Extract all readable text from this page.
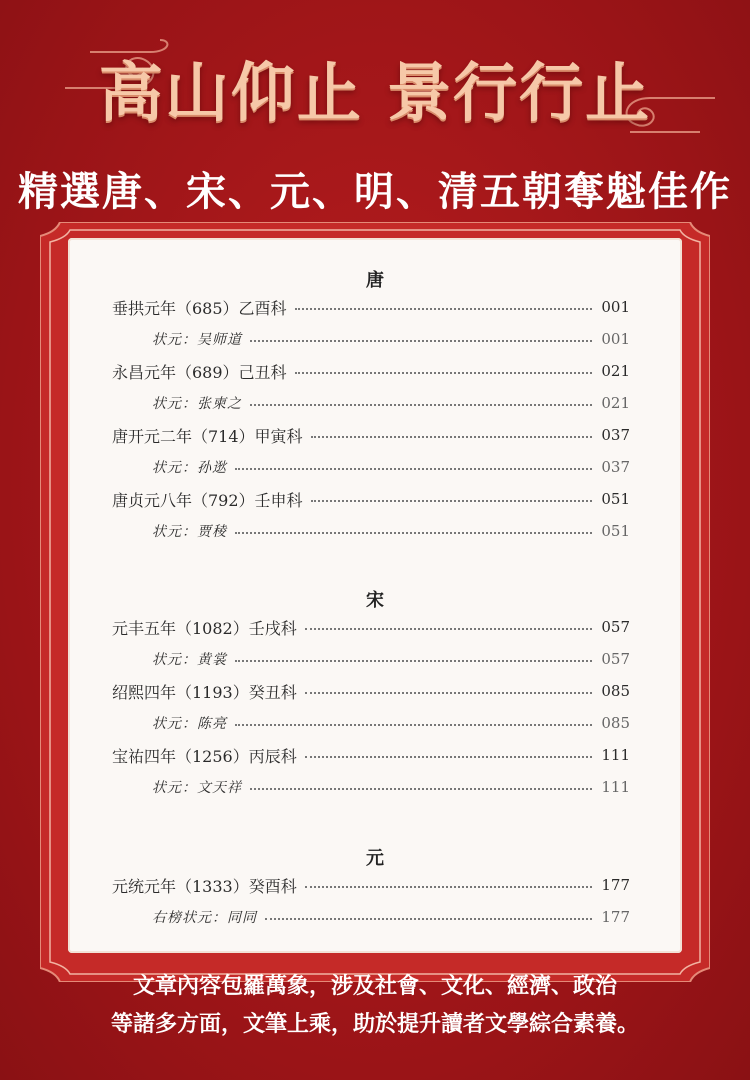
高山仰止 景行行止
精選唐、宋、元、明、清五朝奪魁佳作
唐
垂拱元年（685）乙酉科	001
状元：吴师道	001
永昌元年（689）己丑科	021
状元：张柬之	021
唐开元二年（714）甲寅科	037
状元：孙逖	037
唐贞元八年（792）壬申科	051
状元：贾稜	051
宋
元丰五年（1082）壬戌科	057
状元：黄裳	057
绍熙四年（1193）癸丑科	085
状元：陈亮	085
宝祐四年（1256）丙辰科	111
状元：文天祥	111
元
元统元年（1333）癸酉科	177
右榜状元：同同	177
文章內容包羅萬象，涉及社會、文化、經濟、政治
等諸多方面，文筆上乘，助於提升讀者文學綜合素養。
